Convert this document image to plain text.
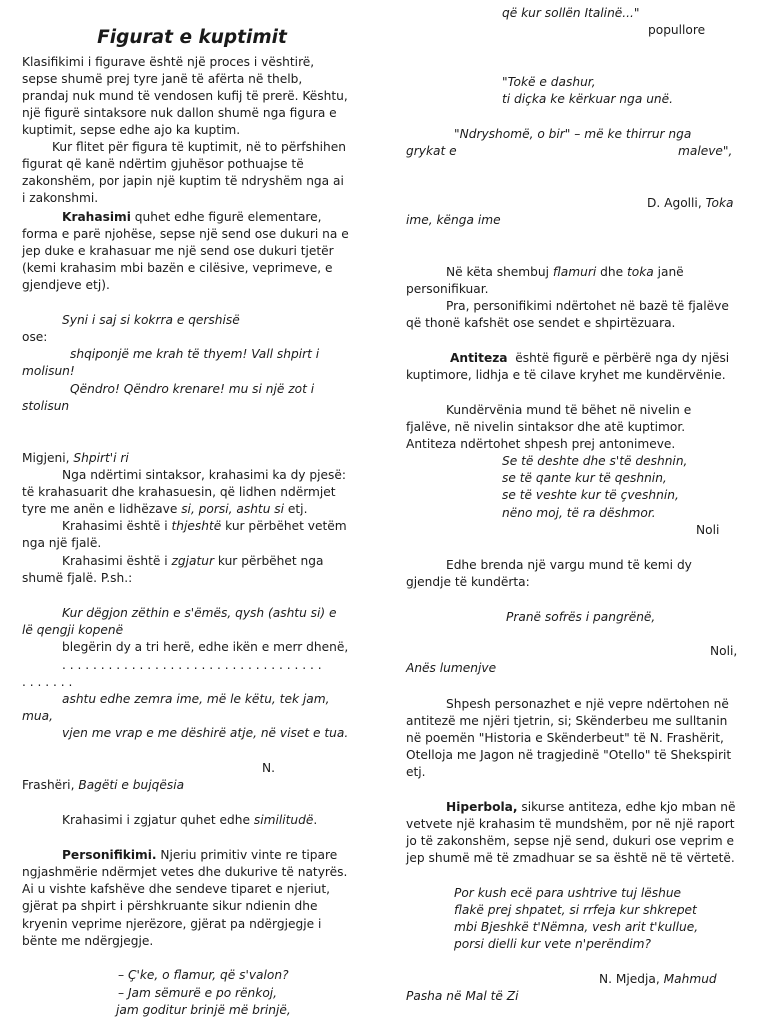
Figurat e kuptimit
Klasifikimi i figurave është një proces i vështirë,
sepse shumë prej tyre janë të afërta në thelb,
prandaj nuk mund të vendosen kufij të prerë. Kështu,
një figurë sintaksore nuk dallon shumë nga figura e
kuptimit, sepse edhe ajo ka kuptim.
Kur flitet për figura të kuptimit, në to përfshihen
figurat që kanë ndërtim gjuhësor pothuajse të
zakonshëm, por japin një kuptim të ndryshëm nga ai
i zakonshmi.
Krahasimi quhet edhe figurë elementare,
forma e parë njohëse, sepse një send ose dukuri na e
jep duke e krahasuar me një send ose dukuri tjetër
(kemi krahasim mbi bazën e cilësive, veprimeve, e
gjendjeve etj).
Syni i saj si kokrra e qershisë
ose:
shqiponjë me krah të thyem! Vall shpirt i
molisun!
Qëndro! Qëndro krenare! mu si një zot i
stolisun
Migjeni, Shpirt'i ri
Nga ndërtimi sintaksor, krahasimi ka dy pjesë:
të krahasuarit dhe krahasuesin, që lidhen ndërmjet
tyre me anën e lidhëzave si, porsi, ashtu si etj.
Krahasimi është i thjeshtë kur përbëhet vetëm
nga një fjalë.
Krahasimi është i zgjatur kur përbëhet nga
shumë fjalë. P.sh.:
Kur dëgjon zëthin e s'ëmës, qysh (ashtu si) e
lë qengji kopenë
blegërin dy a tri herë, edhe ikën e merr dhenë,
. . . . . . . . . . . . . . . . . . . . . . . . . . . . . . . . . .
. . . . . . .
ashtu edhe zemra ime, më le këtu, tek jam,
mua,
vjen me vrap e me dëshirë atje, në viset e tua.
N.
Frashëri, Bagëti e bujqësia
Krahasimi i zgjatur quhet edhe similitudë.
Personifikimi. Njeriu primitiv vinte re tipare
ngjashmërie ndërmjet vetes dhe dukurive të natyrës.
Ai u vishte kafshëve dhe sendeve tiparet e njeriut,
gjërat pa shpirt i përshkruante sikur ndienin dhe
kryenin veprime njerëzore, gjërat pa ndërgjegje i
bënte me ndërgjegje.
– Ç'ke, o flamur, që s'valon?
– Jam sëmurë e po rënkoj,
jam goditur brinjë më brinjë,
që kur sollën Italinë..."
popullore
"Tokë e dashur,
ti diçka ke kërkuar nga unë.
"Ndryshomë, o bir" – më ke thirrur nga
grykat e	maleve",
D. Agolli, Toka
ime, kënga ime
Në këta shembuj flamuri dhe toka janë
personifikuar.
Pra, personifikimi ndërtohet në bazë të fjalëve
që thonë kafshët ose sendet e shpirtëzuara.
Antiteza  është figurë e përbërë nga dy njësi
kuptimore, lidhja e të cilave kryhet me kundërvënie.
Kundërvënia mund të bëhet në nivelin e
fjalëve, në nivelin sintaksor dhe atë kuptimor.
Antiteza ndërtohet shpesh prej antonimeve.
Se të deshte dhe s'të deshnin,
se të qante kur të qeshnin,
se të veshte kur të çveshnin,
nëno moj, të ra dëshmor.
Noli
Edhe brenda një vargu mund të kemi dy
gjendje të kundërta:
Pranë sofrës i pangrënë,
Noli,
Anës lumenjve
Shpesh personazhet e një vepre ndërtohen në
antitezë me njëri tjetrin, si; Skënderbeu me sulltanin
në poemën "Historia e Skënderbeut" të N. Frashërit,
Otelloja me Jagon në tragjedinë "Otello" të Shekspirit
etj.
Hiperbola, sikurse antiteza, edhe kjo mban në
vetvete një krahasim të mundshëm, por në një raport
jo të zakonshëm, sepse një send, dukuri ose veprim e
jep shumë më të zmadhuar se sa është në të vërtetë.
Por kush ecë para ushtrive tuj lëshue
flakë prej shpatet, si rrfeja kur shkrepet
mbi Bjeshkë t'Nëmna, vesh arit t'kullue,
porsi dielli kur vete n'perëndim?
N. Mjedja, Mahmud
Pasha në Mal të Zi
